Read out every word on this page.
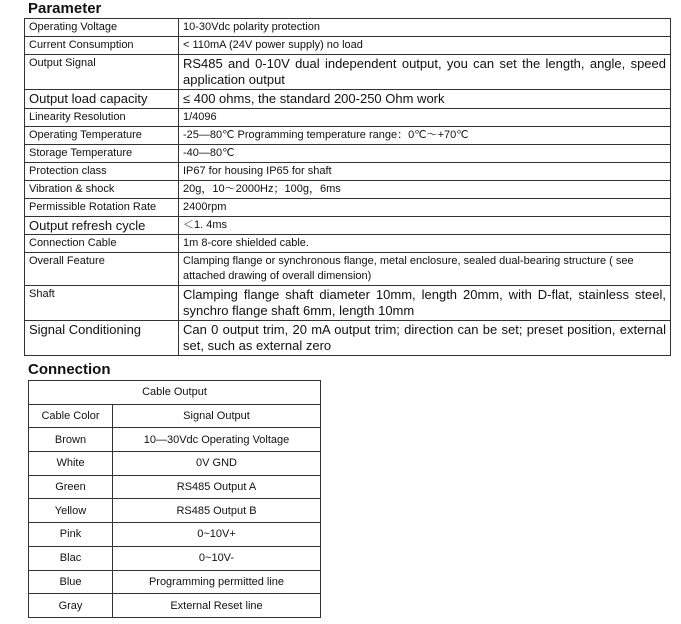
Parameter
Operating Voltage	10-30Vdc polarity protection
Current Consumption	< 110mA (24V power supply) no load
Output Signal	RS485 and 0-10V dual independent output, you can set the length, angle, speed application output
Output load capacity	≤ 400 ohms, the standard 200-250 Ohm work
Linearity Resolution	1/4096
Operating Temperature	-25—80℃ Programming temperature range：0℃～+70℃
Storage Temperature	-40—80℃
Protection class	IP67 for housing IP65 for shaft
Vibration & shock	20g，10～2000Hz；100g，6ms
Permissible Rotation Rate	2400rpm
Output refresh cycle	＜1. 4ms
Connection Cable	1m 8-core shielded cable.
Overall Feature	Clamping flange or synchronous flange, metal enclosure, sealed dual-bearing structure ( see attached drawing of overall dimension)
Shaft	Clamping flange shaft diameter 10mm, length 20mm, with D-flat, stainless steel, synchro flange shaft 6mm, length 10mm
Signal Conditioning	Can 0 output trim, 20 mA output trim; direction can be set; preset position, external set, such as external zero
Connection
Cable Output	
Cable Color	Signal Output
Brown	10—30Vdc Operating Voltage
White	0V GND
Green	RS485 Output A
Yellow	RS485 Output B
Pink	0~10V+
Blac	0~10V-
Blue	Programming permitted line
Gray	External Reset line
